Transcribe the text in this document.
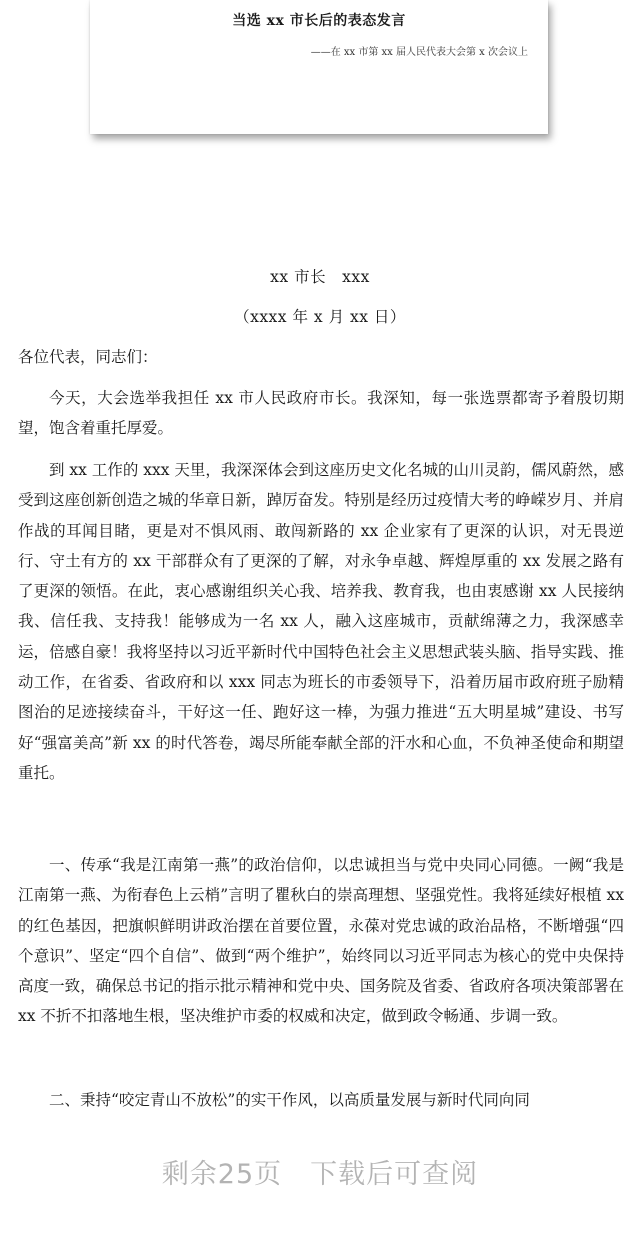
当选 xx 市长后的表态发言
——在 xx 市第 xx 届人民代表大会第 x 次会议上
xx 市长　xxx
（xxxx 年 x 月 xx 日）
各位代表，同志们：
今天，大会选举我担任 xx 市人民政府市长。我深知，每一张选票都寄予着殷切期望，饱含着重托厚爱。
到 xx 工作的 xxx 天里，我深深体会到这座历史文化名城的山川灵韵，儒风蔚然，感受到这座创新创造之城的华章日新，踔厉奋发。特别是经历过疫情大考的峥嵘岁月、并肩作战的耳闻目睹，更是对不惧风雨、敢闯新路的 xx 企业家有了更深的认识，对无畏逆行、守土有方的 xx 干部群众有了更深的了解，对永争卓越、辉煌厚重的 xx 发展之路有了更深的领悟。在此，衷心感谢组织关心我、培养我、教育我，也由衷感谢 xx 人民接纳我、信任我、支持我！能够成为一名 xx 人，融入这座城市，贡献绵薄之力，我深感幸运，倍感自豪！我将坚持以习近平新时代中国特色社会主义思想武装头脑、指导实践、推动工作，在省委、省政府和以 xxx 同志为班长的市委领导下，沿着历届市政府班子励精图治的足迹接续奋斗，干好这一任、跑好这一棒，为强力推进“五大明星城”建设、书写好“强富美高”新 xx 的时代答卷，竭尽所能奉献全部的汗水和心血，不负神圣使命和期望重托。
一、传承“我是江南第一燕”的政治信仰，以忠诚担当与党中央同心同德。一阙“我是江南第一燕、为衔春色上云梢”言明了瞿秋白的崇高理想、坚强党性。我将延续好根植 xx 的红色基因，把旗帜鲜明讲政治摆在首要位置，永葆对党忠诚的政治品格，不断增强“四个意识”、坚定“四个自信”、做到“两个维护”，始终同以习近平同志为核心的党中央保持高度一致，确保总书记的指示批示精神和党中央、国务院及省委、省政府各项决策部署在 xx 不折不扣落地生根，坚决维护市委的权威和决定，做到政令畅通、步调一致。
二、秉持“咬定青山不放松”的实干作风，以高质量发展与新时代同向同
剩余25页　下载后可查阅
